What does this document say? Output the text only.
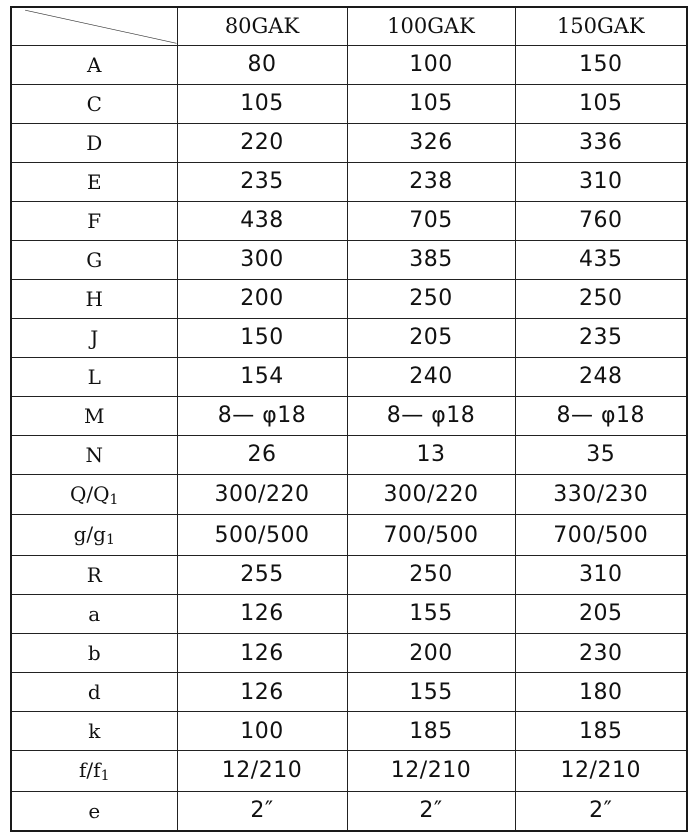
	80GAK	100GAK	150GAK
A	80	100	150
C	105	105	105
D	220	326	336
E	235	238	310
F	438	705	760
G	300	385	435
H	200	250	250
J	150	205	235
L	154	240	248
M	8— φ18	8— φ18	8— φ18
N	26	13	35
$Q/Q_1$	300/220	300/220	330/230
$g/g_1$	500/500	700/500	700/500
R	255	250	310
a	126	155	205
b	126	200	230
d	126	155	180
k	100	185	185
$f/f_1$	12/210	12/210	12/210
e	2″	2″	2″
